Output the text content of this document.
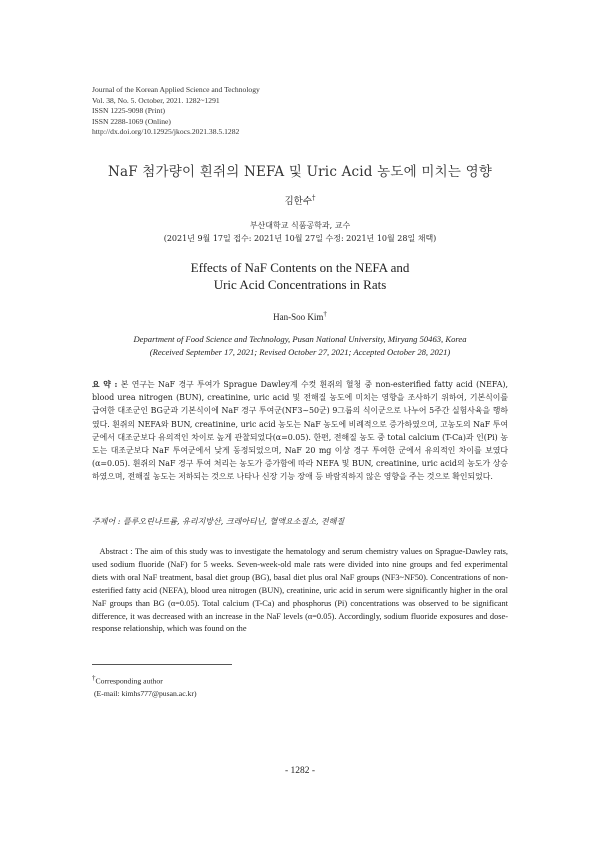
Journal of the Korean Applied Science and Technology
Vol. 38, No. 5. October, 2021. 1282~1291
ISSN 1225-9098 (Print)
ISSN 2288-1069 (Online)
http://dx.doi.org/10.12925/jkocs.2021.38.5.1282
NaF 첨가량이 흰쥐의 NEFA 및 Uric Acid 농도에 미치는 영향
김한수†
부산대학교 식품공학과, 교수
(2021년 9월 17일 접수: 2021년 10월 27일 수정: 2021년 10월 28일 채택)
Effects of NaF Contents on the NEFA and
Uric Acid Concentrations in Rats
Han-Soo Kim†
Department of Food Science and Technology, Pusan National University, Miryang 50463, Korea
(Received September 17, 2021; Revised October 27, 2021; Accepted October 28, 2021)
요 약 : 본 연구는 NaF 경구 투여가 Sprague Dawley계 수컷 흰쥐의 혈청 중 non-esterified fatty acid (NEFA), blood urea nitrogen (BUN), creatinine, uric acid 및 전해질 농도에 미치는 영향을 조사하기 위하여, 기본식이를 급여한 대조군인 BG군과 기본식이에 NaF 경구 투여군(NF3~50군) 9그룹의 식이군으로 나누어 5주간 실험사육을 행하였다. 흰쥐의 NEFA와 BUN, creatinine, uric acid 농도는 NaF 농도에 비례적으로 증가하였으며, 고농도의 NaF 투여군에서 대조군보다 유의적인 차이로 높게 관찰되었다(α=0.05). 한편, 전해질 농도 중 total calcium (T-Ca)과 인(Pi) 농도는 대조군보다 NaF 투여군에서 낮게 동정되었으며, NaF 20 mg 이상 경구 투여한 군에서 유의적인 차이를 보였다(α=0.05). 흰쥐의 NaF 경구 투여 처리는 농도가 증가함에 따라 NEFA 및 BUN, creatinine, uric acid의 농도가 상승하였으며, 전해질 농도는 저하되는 것으로 나타나 신장 기능 장애 등 바람직하지 않은 영향을 주는 것으로 확인되었다.
주제어 : 플루오린나트륨, 유리지방산, 크레아티닌, 혈액요소질소, 전해질
Abstract : The aim of this study was to investigate the hematology and serum chemistry values on Sprague-Dawley rats, used sodium fluoride (NaF) for 5 weeks. Seven-week-old male rats were divided into nine groups and fed experimental diets with oral NaF treatment, basal diet group (BG), basal diet plus oral NaF groups (NF3~NF50). Concentrations of non-esterified fatty acid (NEFA), blood urea nitrogen (BUN), creatinine, uric acid in serum were significantly higher in the oral NaF groups than BG (α=0.05). Total calcium (T-Ca) and phosphorus (Pi) concentrations was observed to be significant difference, it was decreased with an increase in the NaF levels (α=0.05). Accordingly, sodium fluoride exposures and dose-response relationship, which was found on the
†Corresponding author
(E-mail: kimhs777@pusan.ac.kr)
- 1282 -
